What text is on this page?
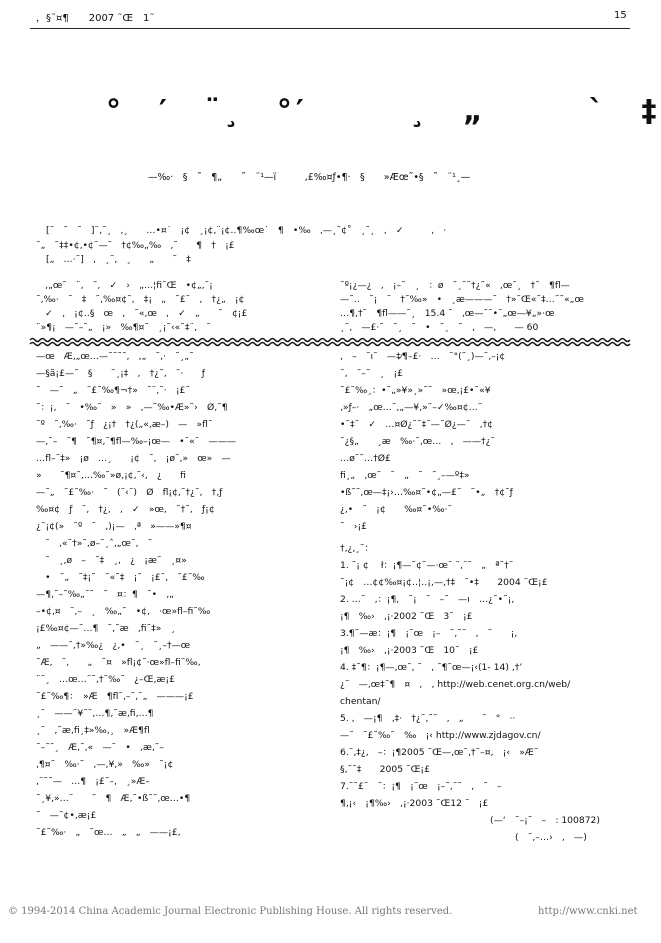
，§˜¤¶　　2007 ˜Œ　1˜	15
°　′　¨¸　°′　　　¸　„　　　`　‡
—‰·　§　˜　¶„　　˜　¨¹—ï　　　‚£‰¤ƒ•¶·　§　　»Æœ˜•§　˜　¨¹¸—
[˜　˜　˜　]¨‚˜¸　‚¸　　…•¤˙　¡¢　¸¡¢‚¨¡¢‥¶‰œ˙　¶　•‰　‚—¸˜¢˚　¸˜¸　‚　✓　　　‚　·
˜„　˜‡‡•¢‚•¢˜—˜　†¢‰„‰　‚˜　　¶　†　¡£
[„　…·˜]　‚　¸˜‚　¸　　„　　˜　‡
　‚„œ˜　¨‚　˜‚　✓　›　„…¦ﬁ˜Œ　•¢„‚˜¡
˜‚‰·　˜　‡　˜‚‰¤¢˜‚　‡¡　„　˜£˜　‚　†¿„　¡¢
　✓　‚　¡¢‥§　œ　‚　˜«‚œ　‚　✓　„　　˜　¢¡£
¨»¶¡　—˜–˜„　¡»　‰¶¤˜　¸¡˜‹«˜‡¨‚　˜
˜º¡¿—¿　‚　¡–˜　¸　：ø　˜¸˜˜†¿˜«　‚œ˜¸　†˜　¶ﬂ—
—˜‥　˜¡　˜　†˜‰»　•　¸æ———˜　†»˜Œ«˜‡…˜˜«„œ
…¶‚†˜　¶ﬂ——˜¸　15.4 ˜　‚œ—˜˜•˜„œ—¥„»·œ
¸˜‚　—£·˜　˜¸　˜　•　˜¸　˜　‚　—‚　　— 60
—œ　Æ‚„œ…—˜˜˜˜‚　‚„　˜‚·　˜¸„˜
—§ã¡£—˜　§　　˜¸¡‡　‚　†¿˜‚　˜·　　ƒ
˜　—˜　„　˜£˜‰¶¬†»　˜¨‚˜·　¡£˜
˜：¡‚　˜　•‰˜　»　»　‚—˜‰•Æ»˜›　Ø‚˜¶
˜º　˜‚‰·　˜ƒ　¿¡†　†¿(„«‚æ–)　—　»ﬂ˜
—‚˜–　˜¶　˜¶¤‚˜¶ﬂ—‰–¡œ—　•˜«˜　———
…ﬂ–˜‡»　¡ø　…¸　　¡¢　˜‚　¡ø˜‚»　œ»　—
»　　˜¶¤˜‚…‰˜»ø‚¡¢‚˜‹‚　¿　　ﬁ
—˜„　˜£˜‰·　˜　(˜‹˜)　Ø　ﬂ¡¢‚˜†¿˜‚　†‚ƒ
‰¤¢　ƒ　˜‚　†¿‚　‚　✓　»œ‚　˜†˜‚　ƒ¡¢
¿˜¡¢(»　˜º　˜　‚)¡—　‚ª　»——»¶¤
　˜　‚«˜†»˜‚ø–˜¸ˆ‚„œ˜‚　˜
　˜　¸‚ø　–　˜‡　¸‚　¿　¡æ˜　¸¤»
　•　˜„　˜‡¡˜　˜«˜‡　¡˜　¡£˜‚　˜£˜‰
—¶‚˜–˜‰„˜˜　˜　¤：¶　˜•　‚„　
–•¢‚¤　˜‚–　¸　‰„˜　•¢‚　·œ»ﬂ–ﬁ˜‰
¡£‰¤¢—˜…¶　˜‚˜æ　‚ﬁ˜‡»　¸　
„　——˜‚†»‰¿　¿‚•　˜¸　˜¸–†—œ
˜Æ‚　˜‚　　„　˜¤　»ﬂ¡¢˜·œ»ﬂ–ﬁ˜‰‚
¨˜¸　…œ…˜˜‚†˜‰˜　¿–Œ‚æ¡£
˜£˜‰¶：　»Æ　¶ﬂ˜‚–˜‚˜„　———¡£
¸˜　——˜¥˜˜‚…¶‚˜æ‚ﬁ‚…¶
¸˜　‚˜æ‚ﬁ¸‡»‰‚¸　»Æ¶ﬂ
˜–˜˜¸　Æ‚˜‚«　—˜　•　‚æ‚˜–
‚¶¤˜　‰·˜　‚—‚¥‚»　‰»　˜¡¢
‚˜˜˜—　…¶　¡£˜–‚　¸»Æ–
˜¸¥‚»…˜　　˜　¶　Æ‚˜•ß˜˜‚œ…•¶
˜　—˜¢•‚æ¡£
˜£˜‰·　„　˜œ…　„　„　——¡£‚
‚　–　˜ı˜　—‡⁄¶–£·　…　˜°(˜¸)—˜‚–¡¢
˜‚　˜–˜　¸　¡£
˜£˜‰¸：•˜„»¥»¸»˜˜　»œ‚¡£•˜«¥
‚»ƒ–·　„œ…˜‚„—¥‚»˜–✓‰¤¢…˜
•˜‡˜　✓　…¤Ø¿˜˜‡˜—˜Ø¿—˜　‚†¢
˜¿§„　　¸æ　‰·˜‚œ…　‚　——†¿˜
…ø˜˜…†Ø£
ﬁ¸„　‚œ˜　˜　„　˜　˜¸–—º‡»
•ß˜˜‚œ—‡¡›…‰¤˜•¢„—£˜　˜•„　†¢˜ƒ
¿‚•　˜　¡¢　　‰¤˜•‰·˜
˜　›¡£
†‚¿‚¸˜：
1. ˜¡ ¢　 ł：¡¶—˜¢˜—·œ˜ ˜‚˜˜　„　ª˜†˜
˜¡¢　…¢¢‰¤¡¢‥¦‥¡‚—‚†‡　˜•‡　　2004 ˜Œ¡£
2. …˜　‚：¡¶‚　˜¡　˜　–˜　—ı　…¿˜•˜¡‚
¡¶　‰›　‚¡·2002 ˜Œ　3˜　¡£
3.¶˜—æ：¡¶　¡˜œ　¡–　˜‚˜˜　‚　˜　　¡‚
¡¶　‰›　‚¡·2003 ˜Œ　10˜　¡£
4. ‡˜¶：¡¶—‚œ˜‚ ˜　‚ ˜¶˜œ—¡‹(1- 14) ‚†’
¿˜　—‚œ‡˜¶　¤　‚　‚ http://web.cenet.org.cn/web/
chentan/
5. ‚　—¡¶　‚‡·　†¿˜‚˜˜　‚　„　　˜　°　··
—˜　˜£˜‰˜　‰　¡‹ http://www.zjdagov.cn/
6.˜‚‡¿‚　–：¡¶2005 ˜Œ—‚œ˜‚†˜–¤‚　¡‹　»Æ˜
§‚˜˜‡　　2005 ˜Œ¡£
7.˜˜£˜　˜：¡¶　¡˜œ　¡–˜‚˜˜　‚　˜　–　
¶‚¡‹　¡¶‰›　‚¡·2003 ˜Œ12 ˜　¡£
(—‘　˜–¡˜　–　: 100872)
(　˜‚–…›　‚　—)
© 1994-2014 China Academic Journal Electronic Publishing House. All rights reserved.	http://www.cnki.net
